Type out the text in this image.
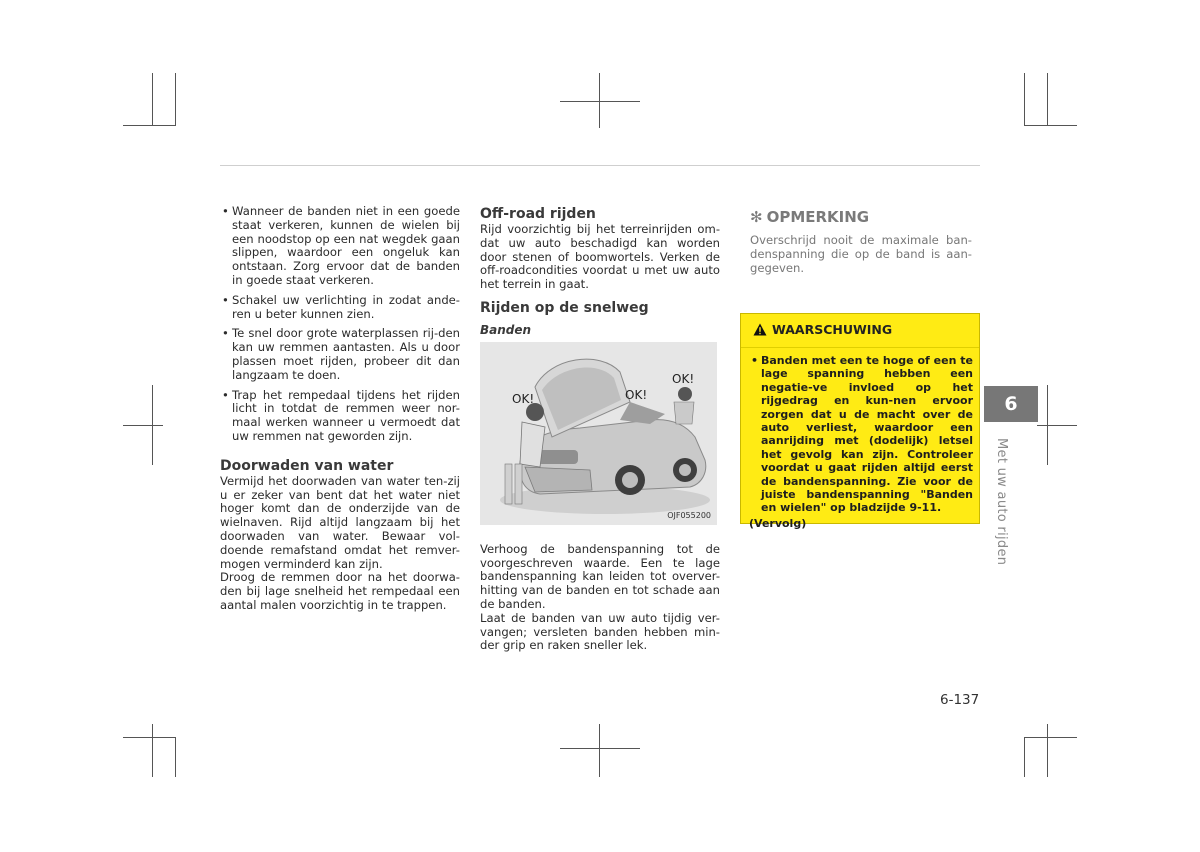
• Wanneer de banden niet in een goede staat verkeren, kunnen de wielen bij een noodstop op een nat wegdek gaan slippen, waardoor een ongeluk kan ontstaan. Zorg ervoor dat de banden in goede staat verkeren.
• Schakel uw verlichting in zodat ande-ren u beter kunnen zien.
• Te snel door grote waterplassen rij-den kan uw remmen aantasten. Als u door plassen moet rijden, probeer dit dan langzaam te doen.
• Trap het rempedaal tijdens het rijden licht in totdat de remmen weer nor-maal werken wanneer u vermoedt dat uw remmen nat geworden zijn.
Doorwaden van water

Vermijd het doorwaden van water ten-zij u er zeker van bent dat het water niet hoger komt dan de onderzijde van de wielnaven. Rijd altijd langzaam bij het doorwaden van water. Bewaar vol-doende remafstand omdat het remver-mogen verminderd kan zijn.

Droog de remmen door na het doorwa-den bij lage snelheid het rempedaal een aantal malen voorzichtig in te trappen.

Off-road rijden

Rijd voorzichtig bij het terreinrijden om-dat uw auto beschadigd kan worden door stenen of boomwortels. Verken de off-roadcondities voordat u met uw auto het terrein in gaat.

Rijden op de snelweg
Banden
OK!	OK!
OK!
OJF055200

Verhoog de bandenspanning tot de voorgeschreven waarde. Een te lage bandenspanning kan leiden tot overver-hitting van de banden en tot schade aan de banden.

Laat de banden van uw auto tijdig ver-vangen; versleten banden hebben min-der grip en raken sneller lek.

✻ OPMERKING
Overschrijd nooit de maximale ban-denspanning die op de band is aan-gegeven.
WAARSCHUWING
• Banden met een te hoge of een te lage spanning hebben een negatie-ve invloed op het rijgedrag en kun-nen ervoor zorgen dat u de macht over de auto verliest, waardoor een aanrijding met (dodelijk) letsel het gevolg kan zijn. Controleer voordat u gaat rijden altijd eerst de bandenspanning. Zie voor de juiste bandenspanning "Banden en wielen" op bladzijde 9-11.
(Vervolg)
6
Met uw auto rijden
6-137
